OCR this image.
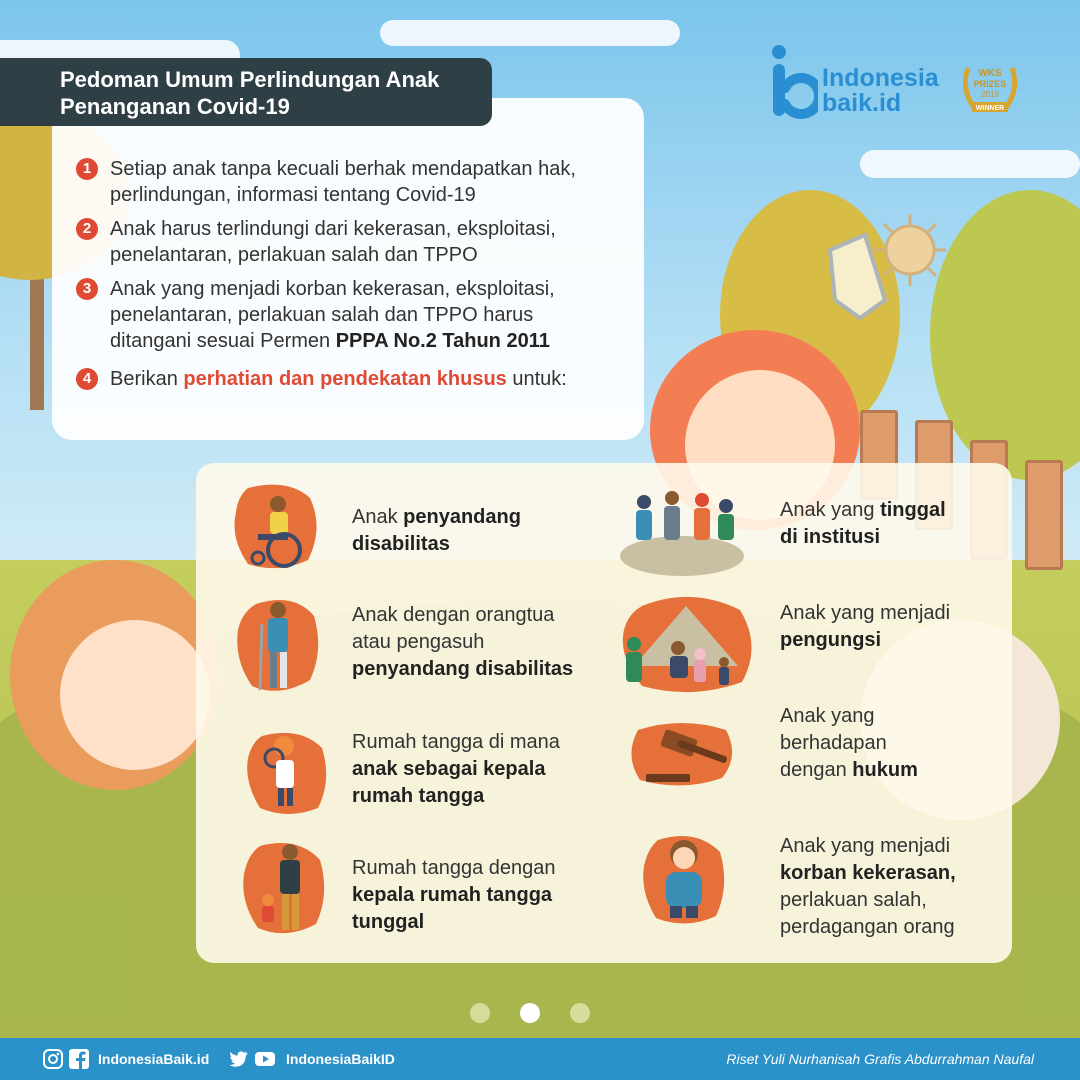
Pedoman Umum Perlindungan Anak
Penanganan Covid-19
Indonesia
baik.id
WKS
PRIZES
2019
WINNER
1 Setiap anak tanpa kecuali berhak mendapatkan hak,
perlindungan, informasi tentang Covid-19
2 Anak harus terlindungi dari kekerasan, eksploitasi,
penelantaran, perlakuan salah dan TPPO
3 Anak yang menjadi korban kekerasan, eksploitasi,
penelantaran, perlakuan salah dan TPPO harus
ditangani sesuai Permen PPPA No.2 Tahun 2011
4 Berikan perhatian dan pendekatan khusus untuk:
Anak penyandang
disabilitas
Anak dengan orangtua
atau pengasuh
penyandang disabilitas
Rumah tangga di mana
anak sebagai kepala
rumah tangga
Rumah tangga dengan
kepala rumah tangga
tunggal
Anak yang tinggal
di institusi
Anak yang menjadi
pengungsi
Anak yang
berhadapan
dengan hukum
Anak yang menjadi
korban kekerasan,
perlakuan salah,
perdagangan orang
IndonesiaBaik.id	IndonesiaBaikID	Riset Yuli Nurhanisah Grafis Abdurrahman Naufal
